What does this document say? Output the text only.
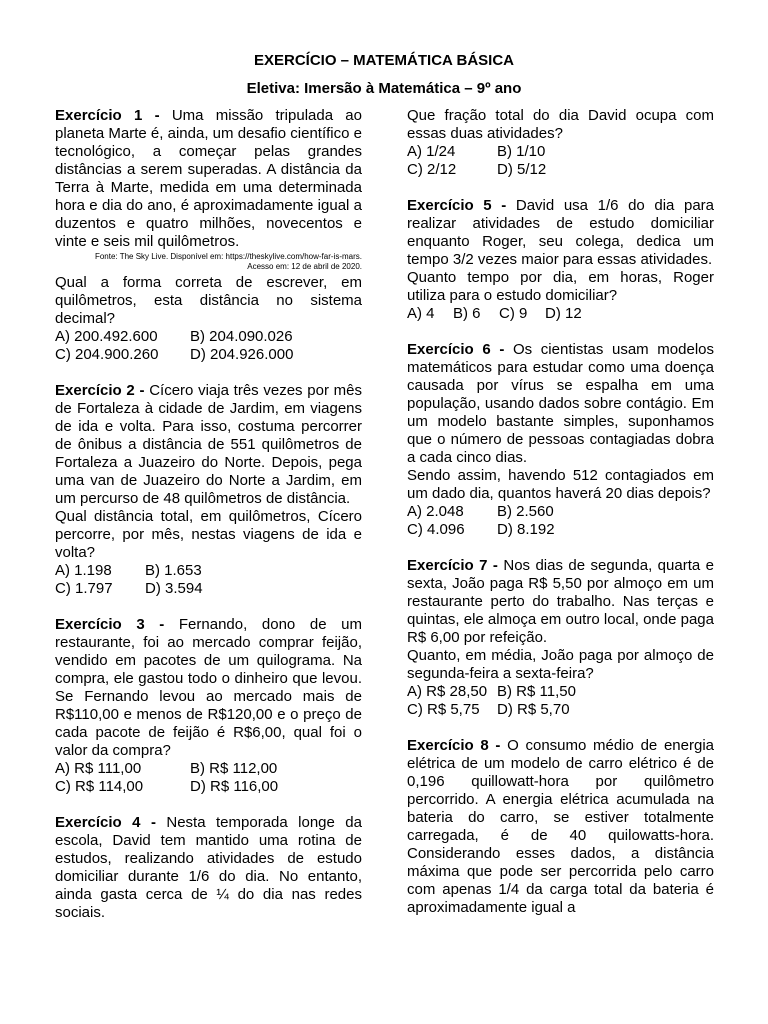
EXERCÍCIO – MATEMÁTICA BÁSICA
Eletiva: Imersão à Matemática – 9º ano

Exercício 1 - Uma missão tripulada ao planeta Marte é, ainda, um desafio científico e tecnológico, a começar pelas grandes distâncias a serem superadas. A distância da Terra à Marte, medida em uma determinada hora e dia do ano, é aproximadamente igual a duzentos e quatro milhões, novecentos e vinte e seis mil quilômetros.

Fonte: The Sky Live. Disponível em: https://theskylive.com/how-far-is-mars.
Acesso em: 12 de abril de 2020.

Qual a forma correta de escrever, em quilômetros, esta distância no sistema decimal?

A) 200.492.600	B) 204.090.026
C) 204.900.260	D) 204.926.000

Exercício 2 - Cícero viaja três vezes por mês de Fortaleza à cidade de Jardim, em viagens de ida e volta. Para isso, costuma percorrer de ônibus a distância de 551 quilômetros de Fortaleza a Juazeiro do Norte. Depois, pega uma van de Juazeiro do Norte a Jardim, em um percurso de 48 quilômetros de distância.

Qual distância total, em quilômetros, Cícero percorre, por mês, nestas viagens de ida e volta?

A) 1.198	B) 1.653
C) 1.797	D) 3.594

Exercício 3 - Fernando, dono de um restaurante, foi ao mercado comprar feijão, vendido em pacotes de um quilograma. Na compra, ele gastou todo o dinheiro que levou. Se Fernando levou ao mercado mais de R$110,00 e menos de R$120,00 e o preço de cada pacote de feijão é R$6,00, qual foi o valor da compra?

A) R$ 111,00	B) R$ 112,00
C) R$ 114,00	D) R$ 116,00

Exercício 4 - Nesta temporada longe da escola, David tem mantido uma rotina de estudos, realizando atividades de estudo domiciliar durante 1/6 do dia. No entanto, ainda gasta cerca de ¼ do dia nas redes sociais.

Que fração total do dia David ocupa com essas duas atividades?

A) 1/24	B) 1/10
C) 2/12	D) 5/12

Exercício 5 - David usa 1/6 do dia para realizar atividades de estudo domiciliar enquanto Roger, seu colega, dedica um tempo 3/2 vezes maior para essas atividades.

Quanto tempo por dia, em horas, Roger utiliza para o estudo domiciliar?

A) 4	B) 6	C) 9	D) 12

Exercício 6 - Os cientistas usam modelos matemáticos para estudar como uma doença causada por vírus se espalha em uma população, usando dados sobre contágio. Em um modelo bastante simples, suponhamos que o número de pessoas contagiadas dobra a cada cinco dias.

Sendo assim, havendo 512 contagiados em um dado dia, quantos haverá 20 dias depois?

A) 2.048	B) 2.560
C) 4.096	D) 8.192

Exercício 7 - Nos dias de segunda, quarta e sexta, João paga R$ 5,50 por almoço em um restaurante perto do trabalho. Nas terças e quintas, ele almoça em outro local, onde paga R$ 6,00 por refeição.

Quanto, em média, João paga por almoço de segunda-feira a sexta-feira?

A) R$ 28,50 B) R$ 11,50
C) R$ 5,75	D) R$ 5,70

Exercício 8 - O consumo médio de energia elétrica de um modelo de carro elétrico é de 0,196 quillowatt-hora por quilômetro percorrido. A energia elétrica acumulada na bateria do carro, se estiver totalmente carregada, é de 40 quilowatts-hora. Considerando esses dados, a distância máxima que pode ser percorrida pelo carro com apenas 1/4 da carga total da bateria é aproximadamente igual a
